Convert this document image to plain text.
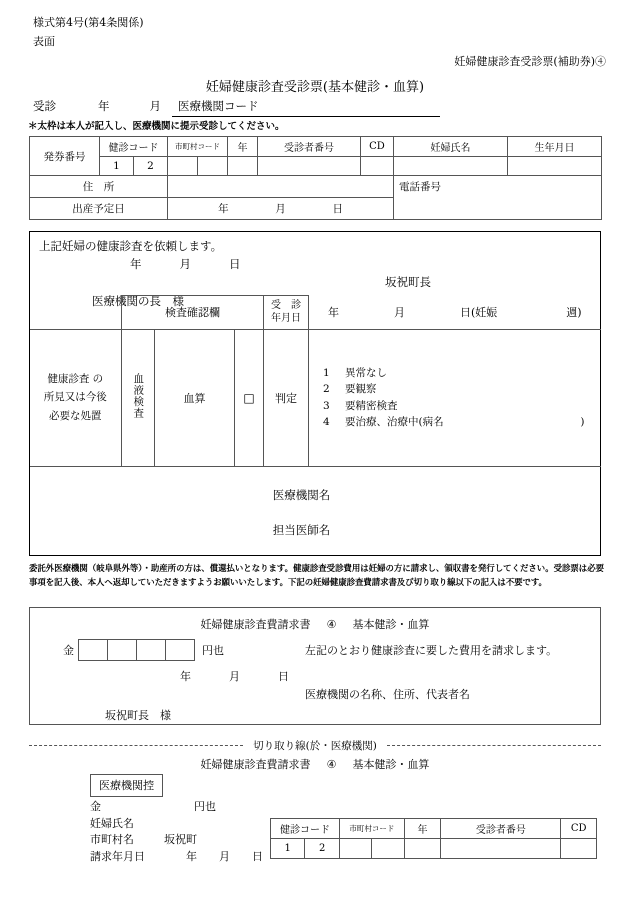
様式第4号(第4条関係)
表面
妊婦健康診査受診票(補助券)④
妊婦健康診査受診票(基本健診・血算)
受診	年	月	医療機関コード
＊太枠は本人が記入し、医療機関に提示受診してください。
発券番号	健診コード		市町村コード		年	受診者番号	CD	妊婦氏名	生年月日
	1	2							
住　所								電話番号	
出産予定日			年 月 日						
上記妊婦の健康診査を依頼します。
年	月	日
坂祝町長
医療機関の長　様
	検査確認欄			受　診
年月日	年 月 日(妊娠 週)

健康診査 の
所見又は今後
必要な処置	血液検査	血算	□	判定	
1 異常なし
2 要観察
3 要精密検査
4 要治療、治療中(病名	)
医療機関名
担当医師名
委託外医療機関（岐阜県外等）・助産所の方は、償還払いとなります。健康診査受診費用は妊婦の方に請求し、領収書を発行してください。受診票は必要事項を記入後、本人へ返却していただきますようお願いいたします。下記の妊婦健康診査費請求書及び切り取り線以下の記入は不要です。
妊婦健康診査費請求書 ④ 基本健診・血算
金	円也	左記のとおり健康診査に要した費用を請求します。
年	月	日
医療機関の名称、住所、代表者名
坂祝町長　様
切り取り線(於・医療機関)
妊婦健康診査費請求書 ④ 基本健診・血算
医療機関控
金	円也
妊婦氏名
市町村名	坂祝町
請求年月日	年 月 日
健診コード		市町村コード		年	受診者番号	CD
1	2					
